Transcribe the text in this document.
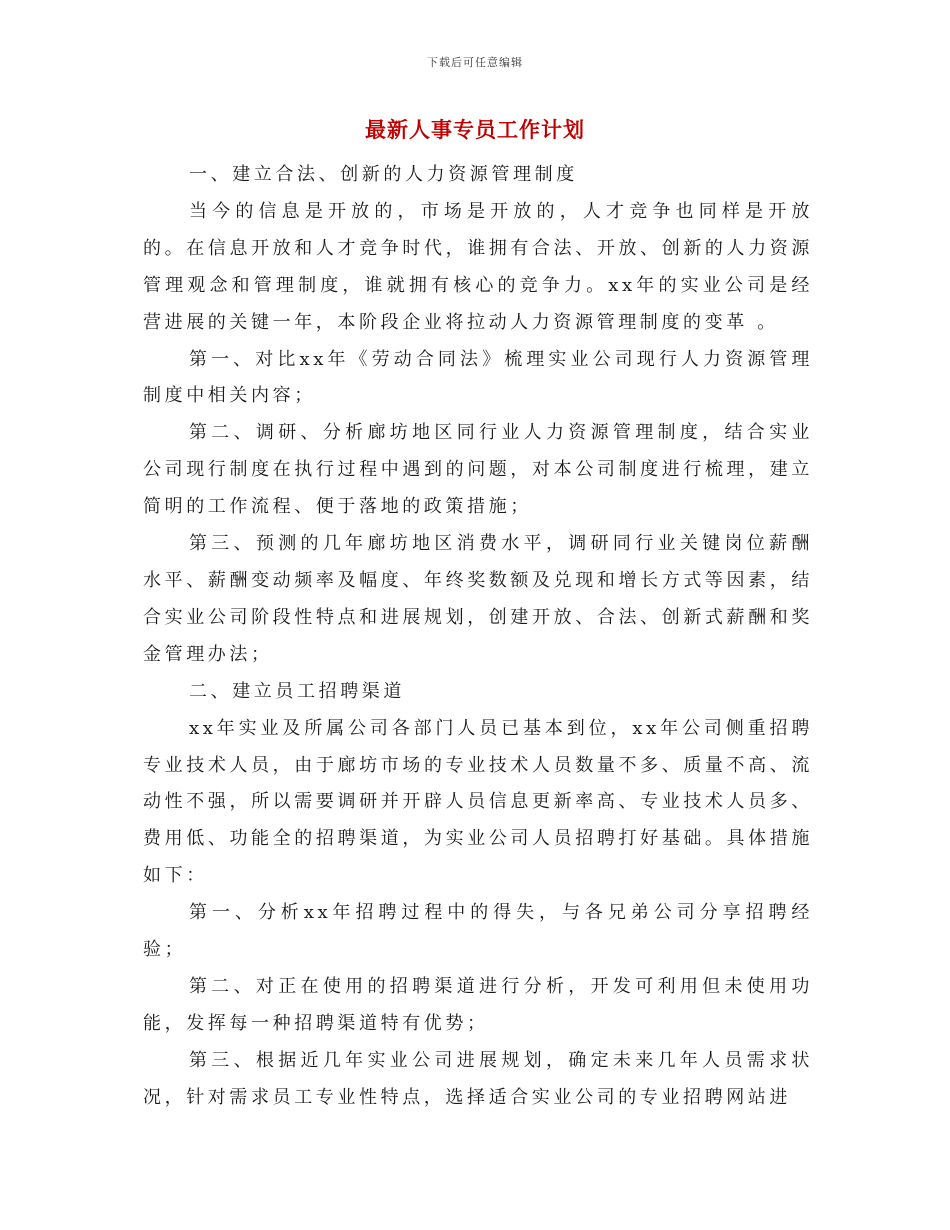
下载后可任意编辑
最新人事专员工作计划

一、建立合法、创新的人力资源管理制度

当今的信息是开放的，市场是开放的，人才竞争也同样是开放的。在信息开放和人才竞争时代，谁拥有合法、开放、创新的人力资源管理观念和管理制度，谁就拥有核心的竞争力。xx年的实业公司是经营进展的关键一年，本阶段企业将拉动人力资源管理制度的变革 。

第一、对比xx年《劳动合同法》梳理实业公司现行人力资源管理制度中相关内容；

第二、调研、分析廊坊地区同行业人力资源管理制度，结合实业公司现行制度在执行过程中遇到的问题，对本公司制度进行梳理，建立简明的工作流程、便于落地的政策措施；

第三、预测的几年廊坊地区消费水平，调研同行业关键岗位薪酬水平、薪酬变动频率及幅度、年终奖数额及兑现和增长方式等因素，结合实业公司阶段性特点和进展规划，创建开放、合法、创新式薪酬和奖金管理办法；

二、建立员工招聘渠道

xx年实业及所属公司各部门人员已基本到位，xx年公司侧重招聘专业技术人员，由于廊坊市场的专业技术人员数量不多、质量不高、流动性不强，所以需要调研并开辟人员信息更新率高、专业技术人员多、费用低、功能全的招聘渠道，为实业公司人员招聘打好基础。具体措施如下：

第一、分析xx年招聘过程中的得失，与各兄弟公司分享招聘经验；

第二、对正在使用的招聘渠道进行分析，开发可利用但未使用功能，发挥每一种招聘渠道特有优势；

第三、根据近几年实业公司进展规划，确定未来几年人员需求状况，针对需求员工专业性特点，选择适合实业公司的专业招聘网站进
